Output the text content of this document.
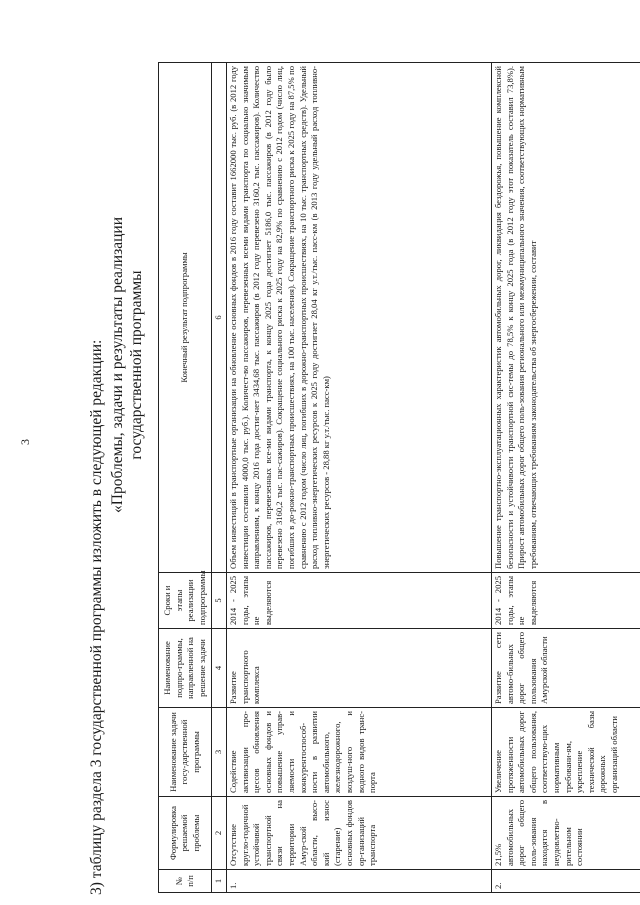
3	3) таблицу раздела 3 государственной программы изложить в следующей редакции: «Проблемы, задачи и результаты реализации государственной программы
№ п/п	Формулировка решаемой проблемы	Наименование задачи госу-дарственной программы	Наименование подпро-граммы, направленной на решение задачи	Сроки и этапы реализации подпрограммы	Конечный результат подпрограммы
1	2	3	4	5	6
1.	Отсутствие кругло-годичной устойчивой транспортной связи на территории Амур-ской области, высо-кий износ (старение) основных фондов ор-ганизаций транспорта	Содействие активизации про-цессов обновления основных фондов и повышение управ-ляемости и конкурентоспособ-ности в развитии автомобильного, железнодорожного, воздуш-ного и водного видов транс-порта	Развитие транспортного комплекса	2014 - 2025 годы, этапы не выделяются	Объем инвестиций в транспортные организации на обновление основных фондов в 2016 году составит 1662000 тыс. руб. (в 2012 году инвестиции составили 4000,0 тыс. руб.). Количест-во пассажиров, перевезенных всеми видами транспорта по социально значимым направлениям, к концу 2016 года достиг-нет 3434,68 тыс. пассажиров (в 2012 году перевезено 3160,2 тыс. пассажиров). Количество пассажиров, перевезенных все-ми видами транспорта, к концу 2025 года достигнет 5186,0 тыс. пассажиров (в 2012 году было перевезено 3160,2 тыс. пас-сажиров). Сокращение социального риска к 2025 году на 82,9% по сравнению с 2012 годом (число лиц, погибших в до-рожно-транспортных происшествиях, на 100 тыс. населения). Сокращение транспортного риска к 2025 году на 87,5% по сравнению с 2012 годом (число лиц, погибших в дорожно-транспортных происшествиях, на 10 тыс. транспортных средств). Удельный расход топливно-энергетических ресурсов к 2025 году достигнет 28,04 кг у.т./тыс. пасс-км (в 2013 году удельный расход топливно-энергетических ресурсов - 28,88 кг у.т./тыс. пасс-км)
2.	21,5% автомобильных дорог общего поль-зования находятся в неудовлетво-рительном состоянии	Увеличение протяженности автомобильных дорог общего пользования, соответствую-щих нормативным требовани-ям, укрепление технической базы дорожных организаций области	Развитие сети автомо-бильных дорог общего пользования Амурской области	2014 - 2025 годы, этапы не выделяются	Повышение транспортно-эксплуатационных характеристик автомобильных дорог, ликвидация бездорожья, повышение комплексной безопасности и устойчивости транспортной сис-темы до 78,5% к концу 2025 года (в 2012 году этот показатель составил 73,8%). Прирост автомобильных дорог общего поль-зования регионального или межмуниципального значения, соответствующих нормативным требованиям, отвечающих требованиям законодательства об энергосбережении, составит
